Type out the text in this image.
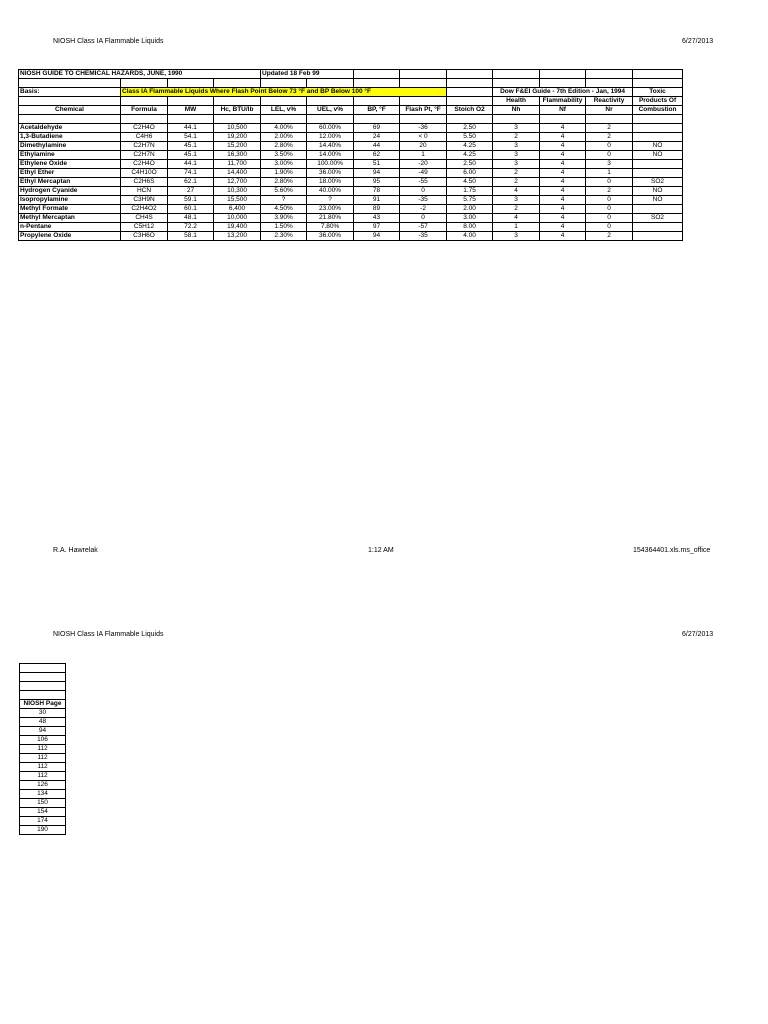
NIOSH Class IA Flammable Liquids	6/27/2013
NIOSH GUIDE TO CHEMICAL HAZARDS, JUNE, 1990				Updated 18 Feb 99								

Basis:	Class IA Flammable Liquids Where Flash Point Below 73 °F and BP Below 100 °F								Dow F&EI Guide - 7th Edition - Jan, 1994			Toxic
									Health	Flammability	Reactivity	Products Of
Chemical	Formula	MW	Hc, BTU/lb	LEL, v%	UEL, v%	BP, °F	Flash Pt, °F	Stoich O2	Nh	Nf	Nr	Combustion

Acetaldehyde	C2H4O	44.1	10,500	4.00%	60.00%	69	-36	2.50	3	4	2	
1,3-Butadiene	C4H6	54.1	19,200	2.00%	12.00%	24	< 0	5.50	2	4	2	
Dimethylamine	C2H7N	45.1	15,200	2.80%	14.40%	44	20	4.25	3	4	0	NO
Ethylamine	C2H7N	45.1	16,300	3.50%	14.00%	62	1	4.25	3	4	0	NO
Ethylene Oxide	C2H4O	44.1	11,700	3.00%	100.00%	51	-20	2.50	3	4	3	
Ethyl Ether	C4H10O	74.1	14,400	1.90%	36.00%	94	-49	6.00	2	4	1	
Ethyl Mercaptan	C2H6S	62.1	12,700	2.80%	18.00%	95	-55	4.50	2	4	0	SO2
Hydrogen Cyanide	HCN	27	10,300	5.60%	40.00%	78	0	1.75	4	4	2	NO
Isopropylamine	C3H9N	59.1	15,500	?	?	91	-35	5.75	3	4	0	NO
Methyl Formate	C2H4O2	60.1	6,400	4.50%	23.00%	89	-2	2.00	2	4	0	
Methyl Mercaptan	CH4S	48.1	10,000	3.90%	21.80%	43	0	3.00	4	4	0	SO2
n-Pentane	C5H12	72.2	19,400	1.50%	7.80%	97	-57	8.00	1	4	0	
Propylene Oxide	C3H6O	58.1	13,200	2.30%	36.00%	94	-35	4.00	3	4	2	
R.A. Hawrelak	1:12 AM	154364401.xls.ms_office
NIOSH Class IA Flammable Liquids	6/27/2013

NIOSH Page
30
48
94
106
112
112
112
112
126
134
150
154
174
190
